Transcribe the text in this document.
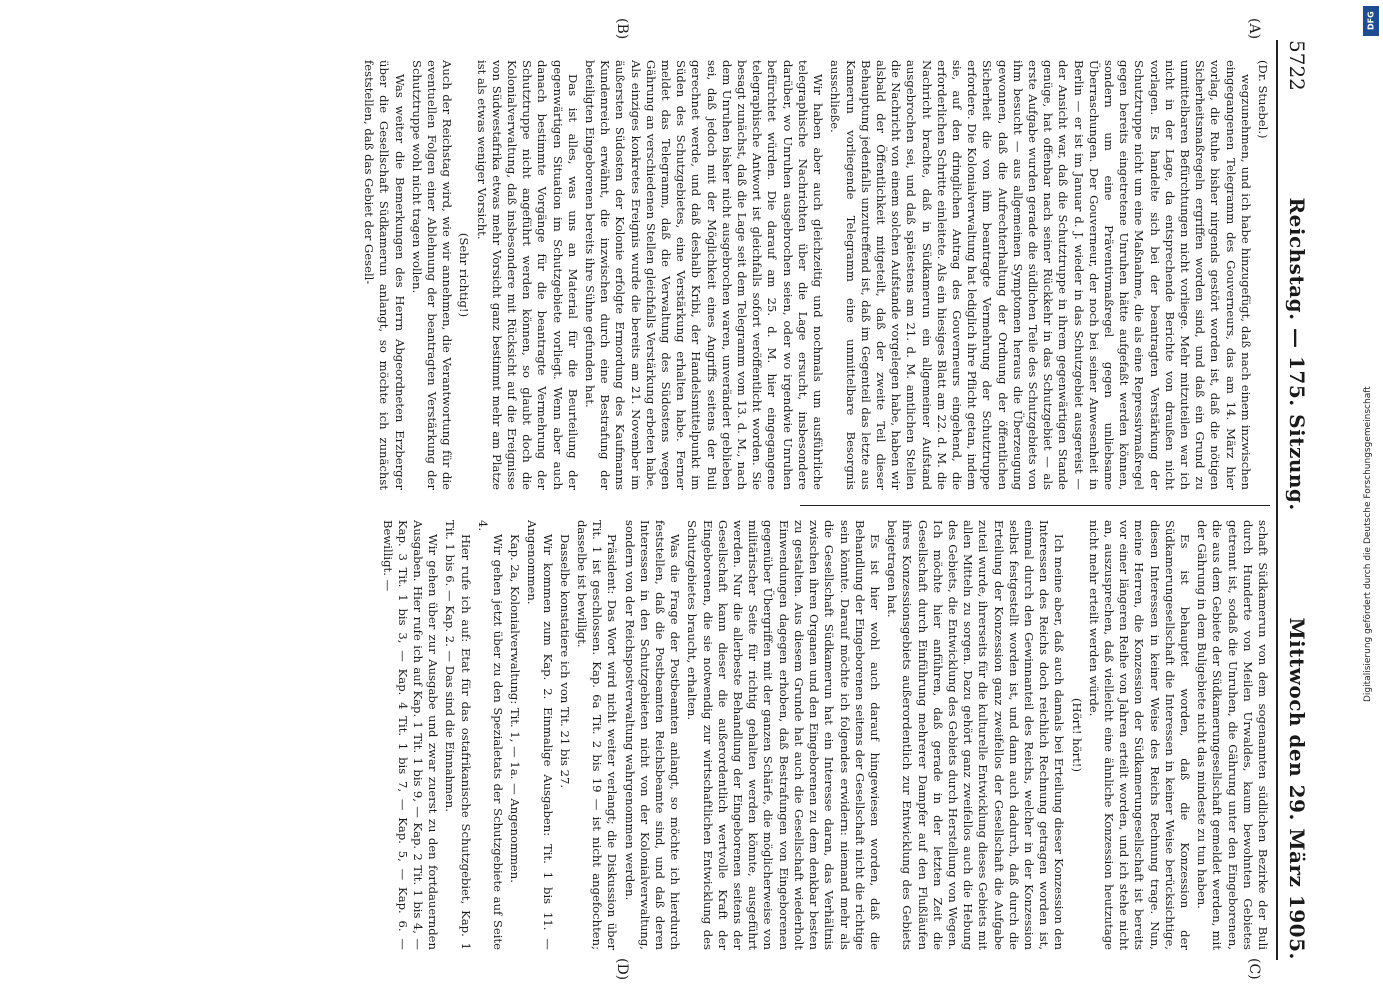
5722
Reichstag. — 175. Sitzung.
Mittwoch den 29. März 1905.
(A)
(B)
(C)
(D)

(Dr. Stuebel.)

wegzunehmen, und ich habe hinzugefügt, daß nach einem inzwischen eingegangenen Telegramm des Gouverneurs, das am 14. März hier vorlag, die Ruhe bisher nirgends gestört worden ist, daß die nötigen Sicherheitsmaßregeln ergriffen worden sind, und daß ein Grund zu unmittelbaren Befürchtungen nicht vorliege. Mehr mitzuteilen war ich nicht in der Lage, da entsprechende Berichte von draußen nicht vorlagen. Es handelte sich bei der beantragten Verstärkung der Schutztruppe nicht um eine Maßnahme, die als eine Repressivmaßregel gegen bereits eingetretene Unruhen hätte aufgefaßt werden können, sondern um eine Präventivmaßregel gegen unliebsame Überraschungen. Der Gouverneur, der noch bei seiner Anwesenheit in Berlin — er ist im Januar d. J. wieder in das Schutzgebiet ausgereist — der Ansicht war, daß die Schutztruppe in ihrem gegenwärtigen Stande genüge, hat offenbar nach seiner Rückkehr in das Schutzgebiet — als erste Aufgabe wurden gerade die südlichen Teile des Schutzgebiets von ihm besucht — aus allgemeinen Symptomen heraus die Überzeugung gewonnen, daß die Aufrechterhaltung der Ordnung der öffentlichen Sicherheit die von ihm beantragte Vermehrung der Schutztruppe erfordere. Die Kolonialverwaltung hat lediglich ihre Pflicht getan, indem sie, auf den dringlichen Antrag des Gouverneurs eingehend, die erforderlichen Schritte einleitete. Als ein hiesiges Blatt am 22. d. M. die Nachricht brachte, daß in Südkamerun ein allgemeiner Aufstand ausgebrochen sei, und daß spätestens am 21. d. M. amtlichen Stellen die Nachricht von einem solchen Aufstande vorgelegen habe, haben wir alsbald der Öffentlichkeit mitgeteilt, daß der zweite Teil dieser Behauptung jedenfalls unzutreffend ist, daß im Gegenteil das letzte aus Kamerun vorliegende Telegramm eine unmittelbare Besorgnis ausschließe.

Wir haben aber auch gleichzeitig und nochmals um ausführliche telegraphische Nachrichten über die Lage ersucht, insbesondere darüber, wo Unruhen ausgebrochen seien, oder wo irgendwie Unruhen befürchtet würden. Die darauf am 25. d. M. hier eingegangene telegraphische Antwort ist gleichfalls sofort veröffentlicht worden. Sie besagt zunächst, daß die Lage seit dem Telegramm vom 13. d. M., nach dem Unruhen bisher nicht ausgebrochen waren, unverändert geblieben sei, daß jedoch mit der Möglichkeit eines Angriffs seitens der Buli gerechnet werde, und daß deshalb Kribi, der Handelsmittelpunkt im Süden des Schutzgebietes, eine Verstärkung erhalten habe. Ferner meldet das Telegramm, daß die Verwaltung des Südostens wegen Gährung an verschiedenen Stellen gleichfalls Verstärkung erbeten habe. Als einziges konkretes Ereignis wurde die bereits am 21. November im äußersten Südosten der Kolonie erfolgte Ermordung des Kaufmanns Kundenreich erwähnt, die inzwischen durch eine Bestrafung der beteiligten Eingeborenen bereits ihre Sühne gefunden hat.

Das ist alles, was uns an Material für die Beurteilung der gegenwärtigen Situation im Schutzgebiete vorliegt. Wenn aber auch danach bestimmte Vorgänge für die beantragte Vermehrung der Schutztruppe nicht angeführt werden können, so glaubt doch die Kolonialverwaltung, daß insbesondere mit Rücksicht auf die Ereignisse von Südwestafrika etwas mehr Vorsicht ganz bestimmt mehr am Platze ist als etwas weniger Vorsicht.

(Sehr richtig!)

Auch der Reichstag wird, wie wir annehmen, die Verantwortung für die eventuellen Folgen einer Ablehnung der beantragten Verstärkung der Schutztruppe wohl nicht tragen wollen.

Was weiter die Bemerkungen des Herrn Abgeordneten Erzberger über die Gesellschaft Südkamerun anlangt, so möchte ich zunächst feststellen, daß das Gebiet der Gesell-

schaft Südkamerun von dem sogenannten südlichen Bezirke der Buli durch Hunderte von Meilen Urwaldes, kaum bewohnten Gebietes getrennt ist, sodaß die Unruhen, die Gährung unter den Eingeborenen, die aus dem Gebiete der Südkamerungesellschaft gemeldet werden, mit der Gährung in dem Buligebiete nicht das mindeste zu tun haben.

Es ist behauptet worden, daß die Konzession der Südkamerungesellschaft die Interessen in keiner Weise berücksichtige, diesen Interessen in keiner Weise des Reichs Rechnung trage. Nun, meine Herren, die Konzession der Südkamerungesellschaft ist bereits vor einer längeren Reihe von Jahren erteilt worden, und ich stehe nicht an, auszusprechen, daß vielleicht eine ähnliche Konzession heutzutage nicht mehr erteilt werden würde.

(Hört! hört!)

Ich meine aber, daß auch damals bei Erteilung dieser Konzession den Interessen des Reichs doch reichlich Rechnung getragen worden ist, einmal durch den Gewinnanteil des Reichs, welcher in der Konzession selbst festgestellt worden ist, und dann auch dadurch, daß durch die Erteilung der Konzession ganz zweifellos der Gesellschaft die Aufgabe zuteil wurde, ihrerseits für die kulturelle Entwicklung dieses Gebiets mit allen Mitteln zu sorgen. Dazu gehört ganz zweifellos auch die Hebung des Gebiets, die Entwicklung des Gebiets durch Herstellung von Wegen. Ich möchte hier anführen, daß gerade in der letzten Zeit die Gesellschaft durch Einführung mehrerer Dampfer auf den Flußläufen ihres Konzessionsgebiets außerordentlich zur Entwicklung des Gebiets beigetragen hat.

Es ist hier wohl auch darauf hingewiesen worden, daß die Behandlung der Eingeborenen seitens der Gesellschaft nicht die richtige sein könnte. Darauf möchte ich folgendes erwidern: niemand mehr als die Gesellschaft Südkamerun hat ein Interesse daran, das Verhältnis zwischen ihren Organen und den Eingeborenen zu dem denkbar besten zu gestalten. Aus diesem Grunde hat auch die Gesellschaft wiederholt Einwendungen dagegen erhoben, daß Bestrafungen von Eingeborenen gegenüber Übergriffen mit der ganzen Schärfe, die möglicherweise von militärischer Seite für richtig gehalten werden könnte, ausgeführt werden. Nur die allerbeste Behandlung der Eingeborenen seitens der Gesellschaft kann dieser die außerordentlich wertvolle Kraft der Eingeborenen, die sie notwendig zur wirtschaftlichen Entwicklung des Schutzgebietes braucht, erhalten.

Was die Frage der Postbeamten anlangt, so möchte ich hierdurch feststellen, daß die Postbeamten Reichsbeamte sind, und daß deren Interessen in den Schutzgebieten nicht von der Kolonialverwaltung, sondern von der Reichspostverwaltung wahrgenommen werden.

Präsident: Das Wort wird nicht weiter verlangt; die Diskussion über Tit. 1 ist geschlossen. Kap. 6a Tit. 2 bis 19 — ist nicht angefochten; dasselbe ist bewilligt.

Dasselbe konstatiere ich von Tit. 21 bis 27.

Wir kommen zum Kap. 2. Einmalige Ausgaben: Tit. 1 bis 11. — Angenommen.

Kap. 2a, Kolonialverwaltung: Tit. 1, — 1a. — Angenommen.

Wir gehen jetzt über zu den Spezialetats der Schutzgebiete auf Seite 4.

Hier rufe ich auf: Etat für das ostafrikanische Schutzgebiet, Kap. 1 Tit. 1 bis 6. — Kap. 2. — Das sind die Einnahmen.

Wir gehen über zur Ausgabe und zwar zuerst zu den fortdauernden Ausgaben. Hier rufe ich auf Kap. 1 Tit. 1 bis 9, — Kap. 2 Tit. 1 bis 4, — Kap. 3 Tit. 1 bis 3, — Kap. 4 Tit. 1 bis 7, — Kap. 5, — Kap. 6. — Bewilligt. —

DFG
Digitalisierung gefördert durch die Deutsche Forschungsgemeinschaft
